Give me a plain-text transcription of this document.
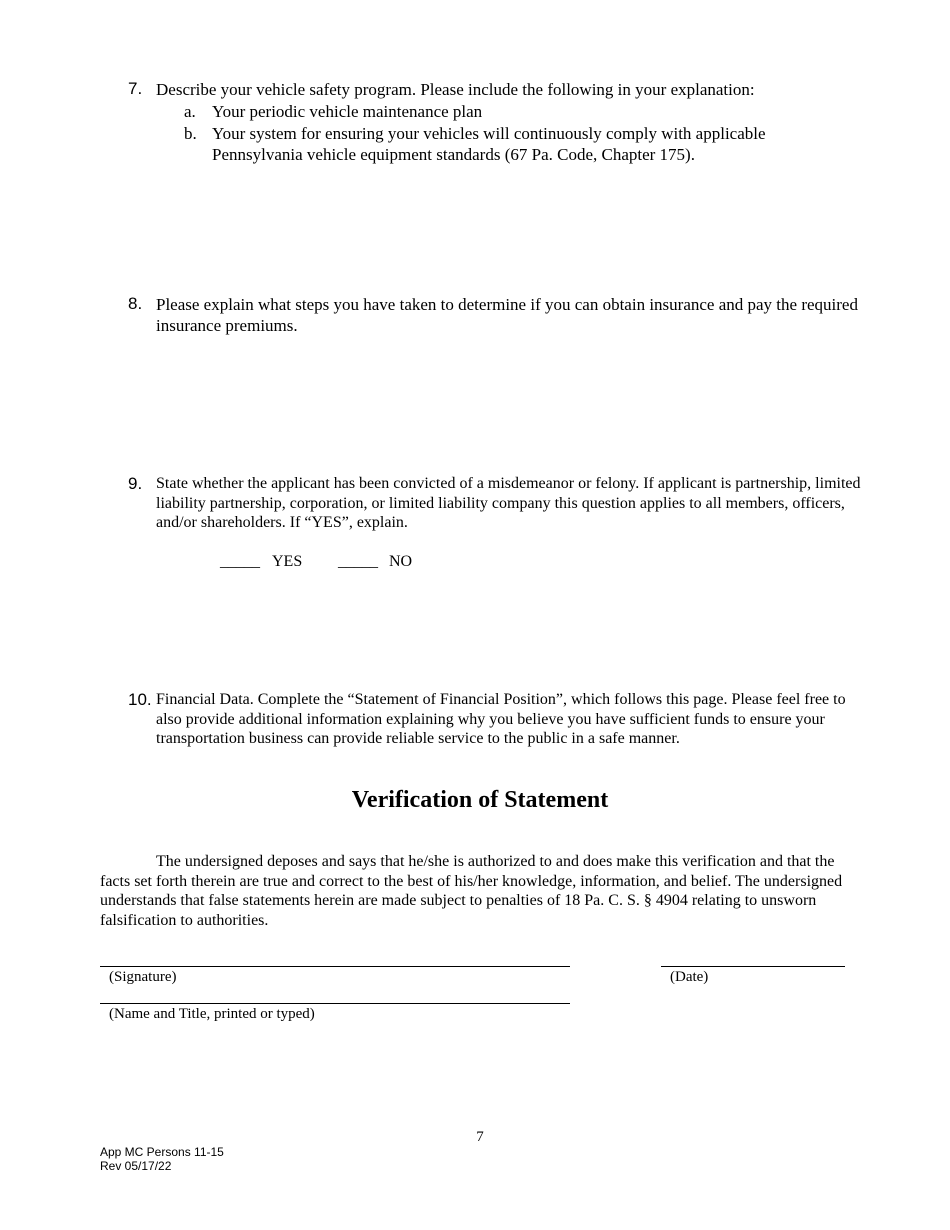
7. Describe your vehicle safety program. Please include the following in your explanation:
a. Your periodic vehicle maintenance plan
b. Your system for ensuring your vehicles will continuously comply with applicable Pennsylvania vehicle equipment standards (67 Pa. Code, Chapter 175).
8. Please explain what steps you have taken to determine if you can obtain insurance and pay the required insurance premiums.
9. State whether the applicant has been convicted of a misdemeanor or felony. If applicant is partnership, limited liability partnership, corporation, or limited liability company this question applies to all members, officers, and/or shareholders. If “YES”, explain.
_____ YES _____ NO
10. Financial Data. Complete the “Statement of Financial Position”, which follows this page. Please feel free to also provide additional information explaining why you believe you have sufficient funds to ensure your transportation business can provide reliable service to the public in a safe manner.
Verification of Statement
The undersigned deposes and says that he/she is authorized to and does make this verification and that the facts set forth therein are true and correct to the best of his/her knowledge, information, and belief. The undersigned understands that false statements herein are made subject to penalties of 18 Pa. C. S. § 4904 relating to unsworn falsification to authorities.
(Signature)	(Date)
(Name and Title, printed or typed)
7
App MC Persons 11-15
Rev 05/17/22
